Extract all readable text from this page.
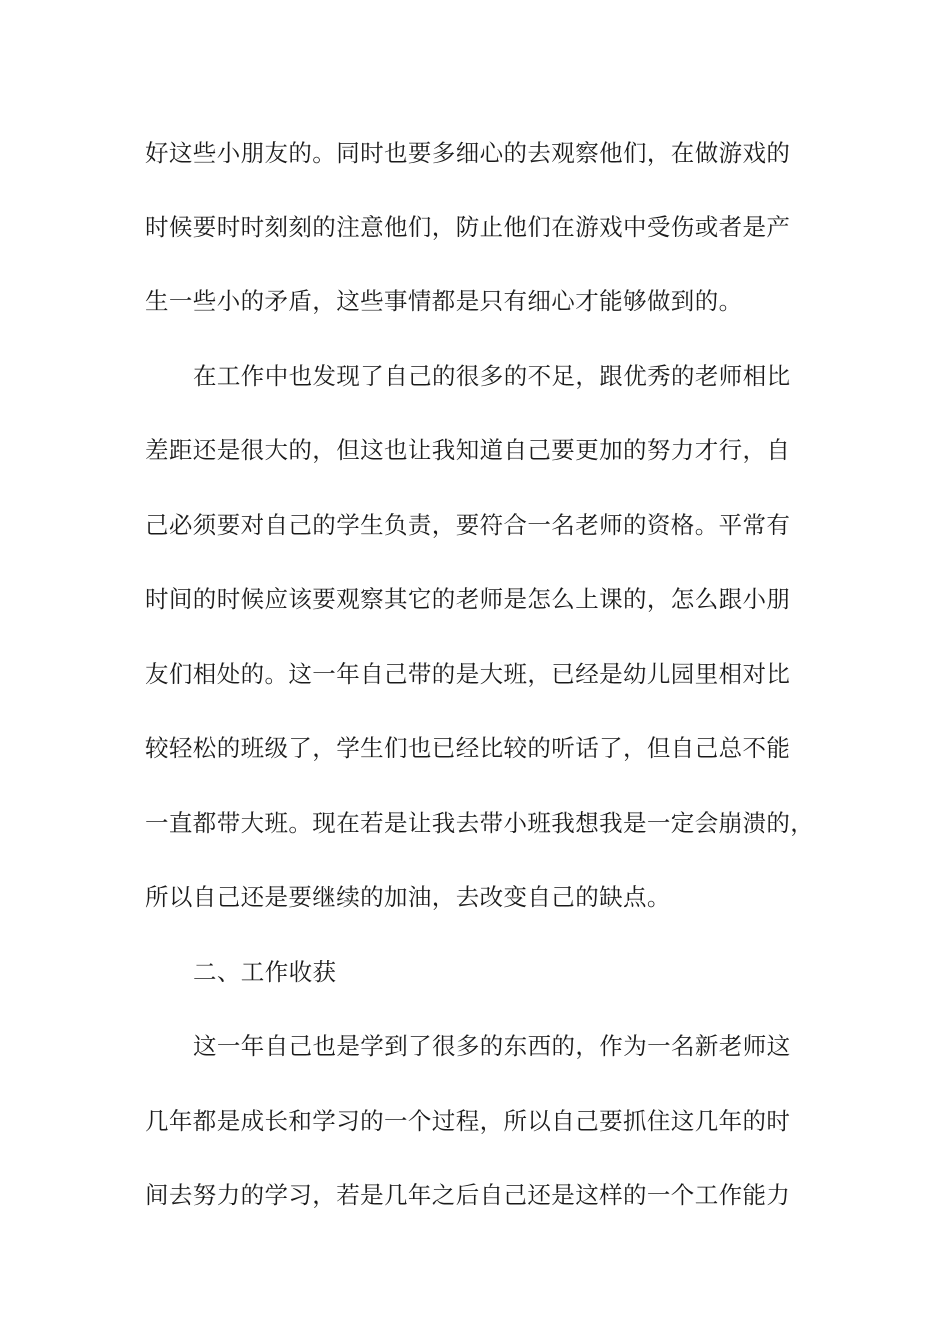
好这些小朋友的。同时也要多细心的去观察他们，在做游戏的
时候要时时刻刻的注意他们，防止他们在游戏中受伤或者是产
生一些小的矛盾，这些事情都是只有细心才能够做到的。
在工作中也发现了自己的很多的不足，跟优秀的老师相比
差距还是很大的，但这也让我知道自己要更加的努力才行，自
己必须要对自己的学生负责，要符合一名老师的资格。平常有
时间的时候应该要观察其它的老师是怎么上课的，怎么跟小朋
友们相处的。这一年自己带的是大班，已经是幼儿园里相对比
较轻松的班级了，学生们也已经比较的听话了，但自己总不能
一直都带大班。现在若是让我去带小班我想我是一定会崩溃的，
所以自己还是要继续的加油，去改变自己的缺点。
二、工作收获
这一年自己也是学到了很多的东西的，作为一名新老师这
几年都是成长和学习的一个过程，所以自己要抓住这几年的时
间去努力的学习，若是几年之后自己还是这样的一个工作能力
